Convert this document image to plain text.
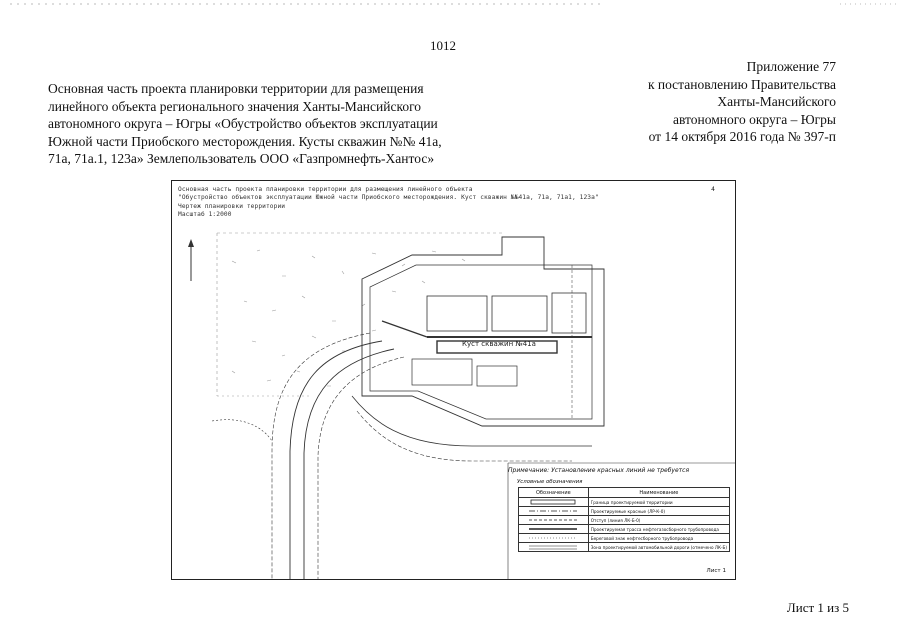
1012
Приложение 77
к постановлению Правительства
Ханты-Мансийского
автономного округа – Югры
от 14 октября 2016 года № 397-п
Основная часть проекта планировки территории для размещения
линейного объекта регионального значения Ханты-Мансийского
автономного округа – Югры «Обустройство объектов эксплуатации
Южной части Приобского месторождения. Кусты скважин №№ 41а,
71а, 71а.1, 123а» Землепользователь ООО «Газпромнефть-Хантос»
Куст скважин №41а
Основная часть проекта планировки территории для размещения линейного объекта
"Обустройство объектов эксплуатации Южной части Приобского месторождения. Куст скважин №№41а, 71а, 71а1, 123а"
Чертеж планировки территории
Масштаб 1:2000
4
Примечание: Установление красных линий не требуется
Условные обозначения
Обозначение	Наименование
	Граница проектируемой территории
	Проектируемые красные (ЛР-К-0)
	Отступ (линия ЛК-Б-0)
	Проектируемая трасса нефтегазосборного трубопровода
	Береговой знак нефтесборного трубопровода
	Зона проектируемой автомобильной дороги (отмечено ЛК-Б)
Лист 1
Лист 1 из 5
